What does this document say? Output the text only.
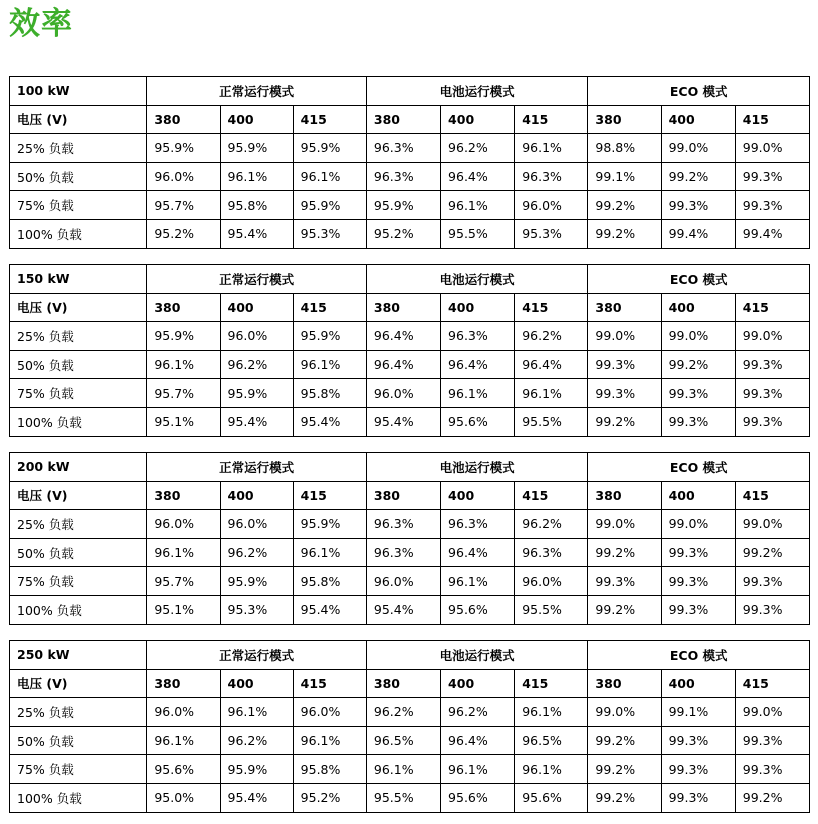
效率
100 kW	正常运行模式			电池运行模式			ECO 模式		
电压 (V)	380	400	415	380	400	415	380	400	415
25% 负载	95.9%	95.9%	95.9%	96.3%	96.2%	96.1%	98.8%	99.0%	99.0%
50% 负载	96.0%	96.1%	96.1%	96.3%	96.4%	96.3%	99.1%	99.2%	99.3%
75% 负载	95.7%	95.8%	95.9%	95.9%	96.1%	96.0%	99.2%	99.3%	99.3%
100% 负载	95.2%	95.4%	95.3%	95.2%	95.5%	95.3%	99.2%	99.4%	99.4%
150 kW	正常运行模式			电池运行模式			ECO 模式		
电压 (V)	380	400	415	380	400	415	380	400	415
25% 负载	95.9%	96.0%	95.9%	96.4%	96.3%	96.2%	99.0%	99.0%	99.0%
50% 负载	96.1%	96.2%	96.1%	96.4%	96.4%	96.4%	99.3%	99.2%	99.3%
75% 负载	95.7%	95.9%	95.8%	96.0%	96.1%	96.1%	99.3%	99.3%	99.3%
100% 负载	95.1%	95.4%	95.4%	95.4%	95.6%	95.5%	99.2%	99.3%	99.3%
200 kW	正常运行模式			电池运行模式			ECO 模式		
电压 (V)	380	400	415	380	400	415	380	400	415
25% 负载	96.0%	96.0%	95.9%	96.3%	96.3%	96.2%	99.0%	99.0%	99.0%
50% 负载	96.1%	96.2%	96.1%	96.3%	96.4%	96.3%	99.2%	99.3%	99.2%
75% 负载	95.7%	95.9%	95.8%	96.0%	96.1%	96.0%	99.3%	99.3%	99.3%
100% 负载	95.1%	95.3%	95.4%	95.4%	95.6%	95.5%	99.2%	99.3%	99.3%
250 kW	正常运行模式			电池运行模式			ECO 模式		
电压 (V)	380	400	415	380	400	415	380	400	415
25% 负载	96.0%	96.1%	96.0%	96.2%	96.2%	96.1%	99.0%	99.1%	99.0%
50% 负载	96.1%	96.2%	96.1%	96.5%	96.4%	96.5%	99.2%	99.3%	99.3%
75% 负载	95.6%	95.9%	95.8%	96.1%	96.1%	96.1%	99.2%	99.3%	99.3%
100% 负载	95.0%	95.4%	95.2%	95.5%	95.6%	95.6%	99.2%	99.3%	99.2%
